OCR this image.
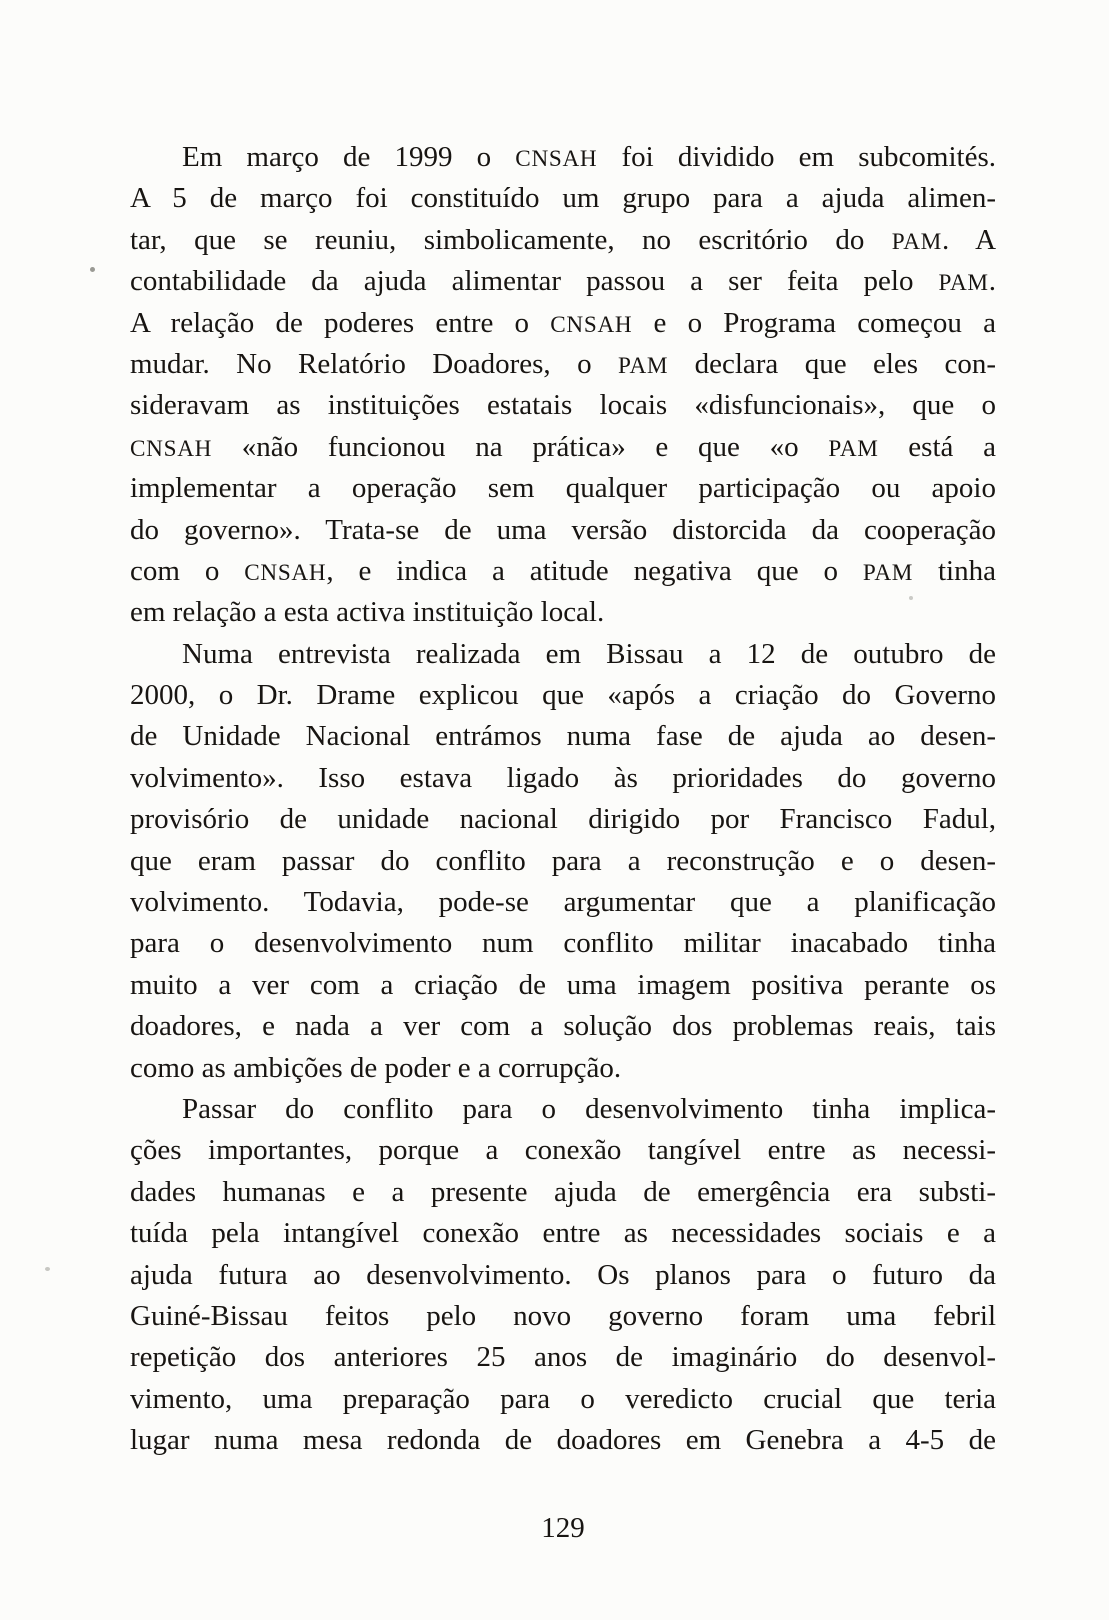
Em março de 1999 o CNSAH foi dividido em subcomités.
A 5 de março foi constituído um grupo para a ajuda alimen-
tar, que se reuniu, simbolicamente, no escritório do PAM. A
contabilidade da ajuda alimentar passou a ser feita pelo PAM.
A relação de poderes entre o CNSAH e o Programa começou a
mudar. No Relatório Doadores, o PAM declara que eles con-
sideravam as instituições estatais locais «disfuncionais», que o
CNSAH «não funcionou na prática» e que «o PAM está a
implementar a operação sem qualquer participação ou apoio
do governo». Trata-se de uma versão distorcida da cooperação
com o CNSAH, e indica a atitude negativa que o PAM tinha
em relação a esta activa instituição local.
Numa entrevista realizada em Bissau a 12 de outubro de
2000, o Dr. Drame explicou que «após a criação do Governo
de Unidade Nacional entrámos numa fase de ajuda ao desen-
volvimento». Isso estava ligado às prioridades do governo
provisório de unidade nacional dirigido por Francisco Fadul,
que eram passar do conflito para a reconstrução e o desen-
volvimento. Todavia, pode-se argumentar que a planificação
para o desenvolvimento num conflito militar inacabado tinha
muito a ver com a criação de uma imagem positiva perante os
doadores, e nada a ver com a solução dos problemas reais, tais
como as ambições de poder e a corrupção.
Passar do conflito para o desenvolvimento tinha implica-
ções importantes, porque a conexão tangível entre as necessi-
dades humanas e a presente ajuda de emergência era substi-
tuída pela intangível conexão entre as necessidades sociais e a
ajuda futura ao desenvolvimento. Os planos para o futuro da
Guiné-Bissau feitos pelo novo governo foram uma febril
repetição dos anteriores 25 anos de imaginário do desenvol-
vimento, uma preparação para o veredicto crucial que teria
lugar numa mesa redonda de doadores em Genebra a 4-5 de
129
